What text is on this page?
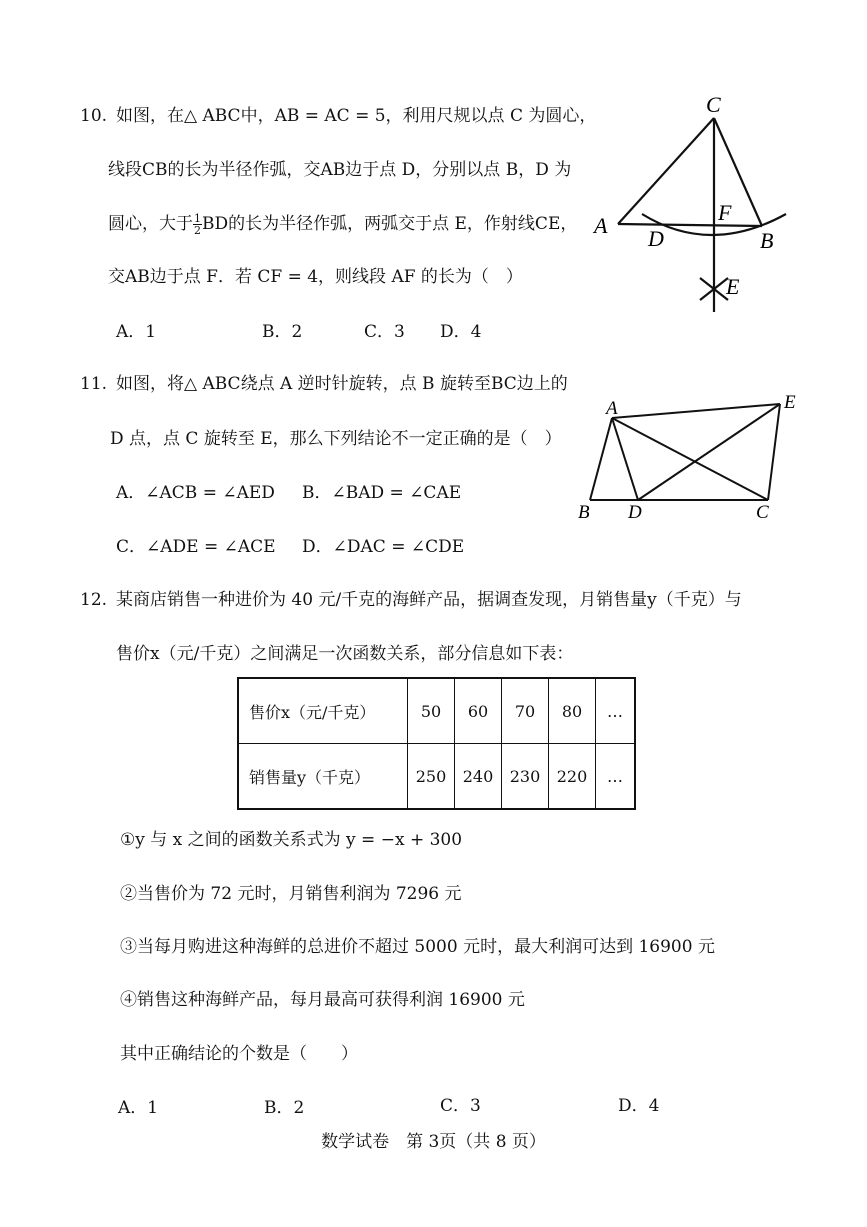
10. 如图，在△ ABC中，AB = AC = 5，利用尺规以点 C 为圆心，
线段CB的长为半径作弧，交AB边于点 D，分别以点 B，D 为
圆心，大于 $\frac{1}{2}$ BD的长为半径作弧，两弧交于点 E，作射线CE，
交AB边于点 F．若 CF = 4，则线段 AF 的长为（　）
A．1	B．2	C．3 D．4
C
A
F
D	B
E
11. 如图，将△ ABC绕点 A 逆时针旋转，点 B 旋转至BC边上的
D 点，点 C 旋转至 E，那么下列结论不一定正确的是（　）
A．∠ACB = ∠AED B．∠BAD = ∠CAE
C．∠ADE = ∠ACE D．∠DAC = ∠CDE
A	E
B D	C
12. 某商店销售一种进价为 40 元/千克的海鲜产品，据调查发现，月销售量y（千克）与
售价x（元/千克）之间满足一次函数关系，部分信息如下表：
售价x（元/千克）	50	60	70	80	…
销售量y（千克）	250	240	230	220	…
①y 与 x 之间的函数关系式为 y = −x + 300
②当售价为 72 元时，月销售利润为 7296 元
③当每月购进这种海鲜的总进价不超过 5000 元时，最大利润可达到 16900 元
④销售这种海鲜产品，每月最高可获得利润 16900 元
其中正确结论的个数是（　　）
A．1	B．2	C．3	D．4
数学试卷　第 3页（共 8 页）
